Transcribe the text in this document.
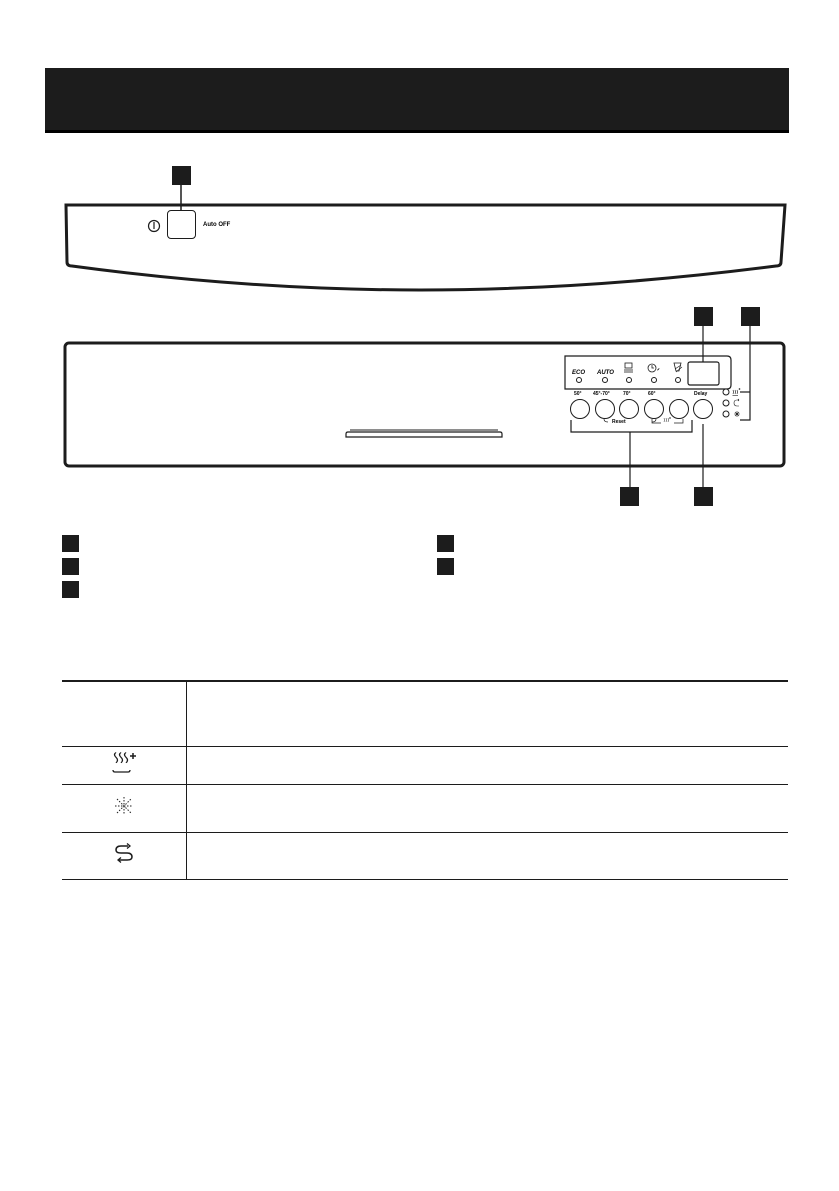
Auto OFF
ECO AUTO
50° 45°-70°	70°	60°	Delay
Reset
